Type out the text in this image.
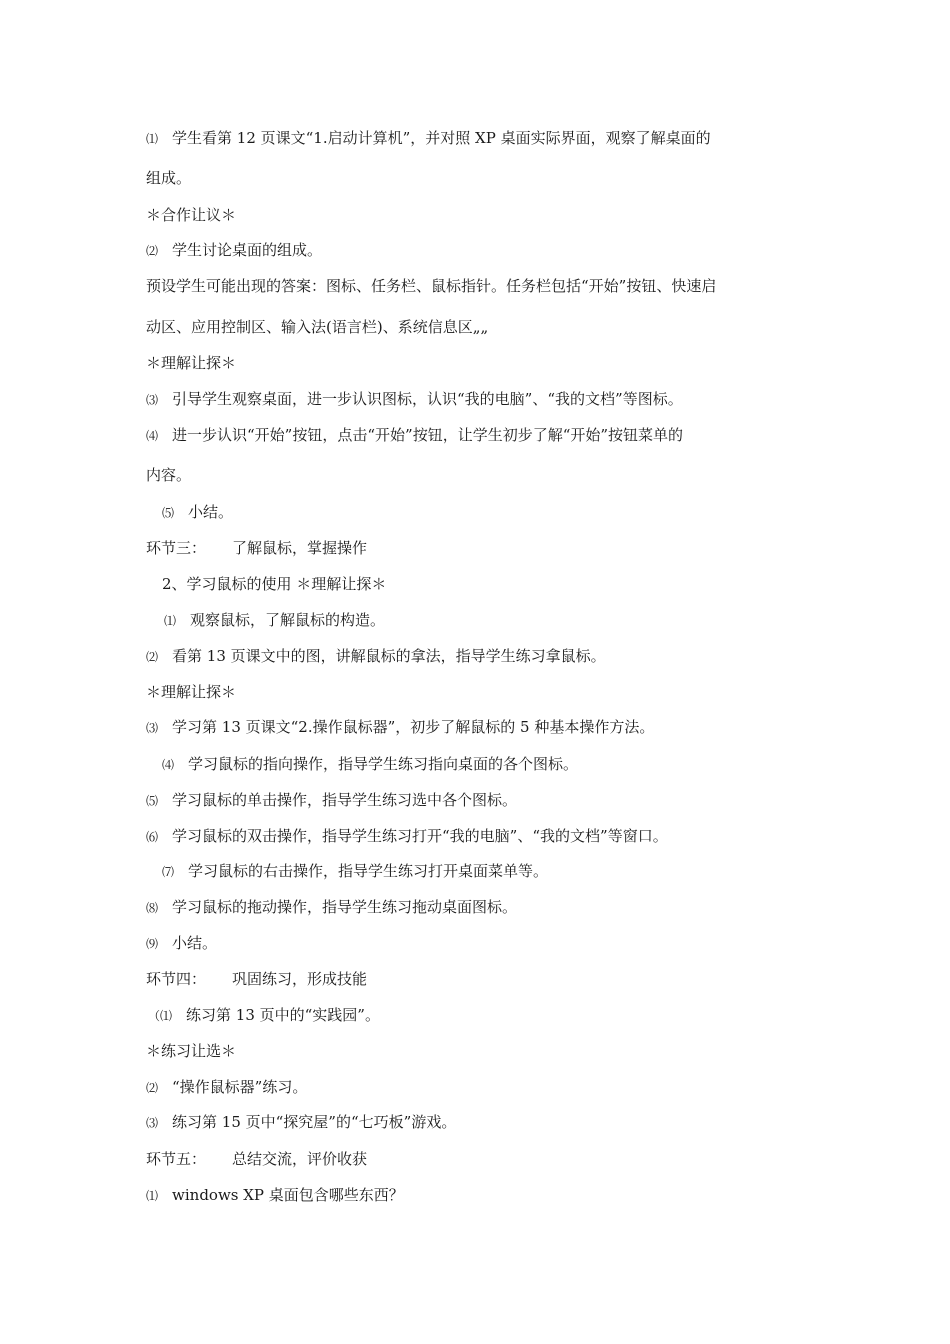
⑴ 学生看第 12 页课文“1.启动计算机”，并对照 XP 桌面实际界面，观察了解桌面的
组成。
＊合作让议＊
⑵ 学生讨论桌面的组成。
预设学生可能出现的答案：图标、任务栏、鼠标指针。任务栏包括“开始”按钮、快速启
动区、应用控制区、输入法(语言栏)、系统信息区„„
＊理解让探＊
⑶ 引导学生观察桌面，进一步认识图标，认识“我的电脑”、“我的文档”等图标。
⑷ 进一步认识“开始”按钮，点击“开始”按钮，让学生初步了解“开始”按钮菜单的
内容。
⑸ 小结。
环节三： 了解鼠标，掌握操作
2、学习鼠标的使用 ＊理解让探＊
⑴ 观察鼠标，了解鼠标的构造。
⑵ 看第 13 页课文中的图，讲解鼠标的拿法，指导学生练习拿鼠标。
＊理解让探＊
⑶ 学习第 13 页课文“2.操作鼠标器”，初步了解鼠标的 5 种基本操作方法。
⑷ 学习鼠标的指向操作，指导学生练习指向桌面的各个图标。
⑸ 学习鼠标的单击操作，指导学生练习选中各个图标。
⑹ 学习鼠标的双击操作，指导学生练习打开“我的电脑”、“我的文档”等窗口。
⑺ 学习鼠标的右击操作，指导学生练习打开桌面菜单等。
⑻ 学习鼠标的拖动操作，指导学生练习拖动桌面图标。
⑼ 小结。
环节四： 巩固练习，形成技能
（⑴ 练习第 13 页中的“实践园”。
＊练习让选＊
⑵ “操作鼠标器”练习。
⑶ 练习第 15 页中“探究屋”的“七巧板”游戏。
环节五： 总结交流，评价收获
⑴ windows XP 桌面包含哪些东西？
